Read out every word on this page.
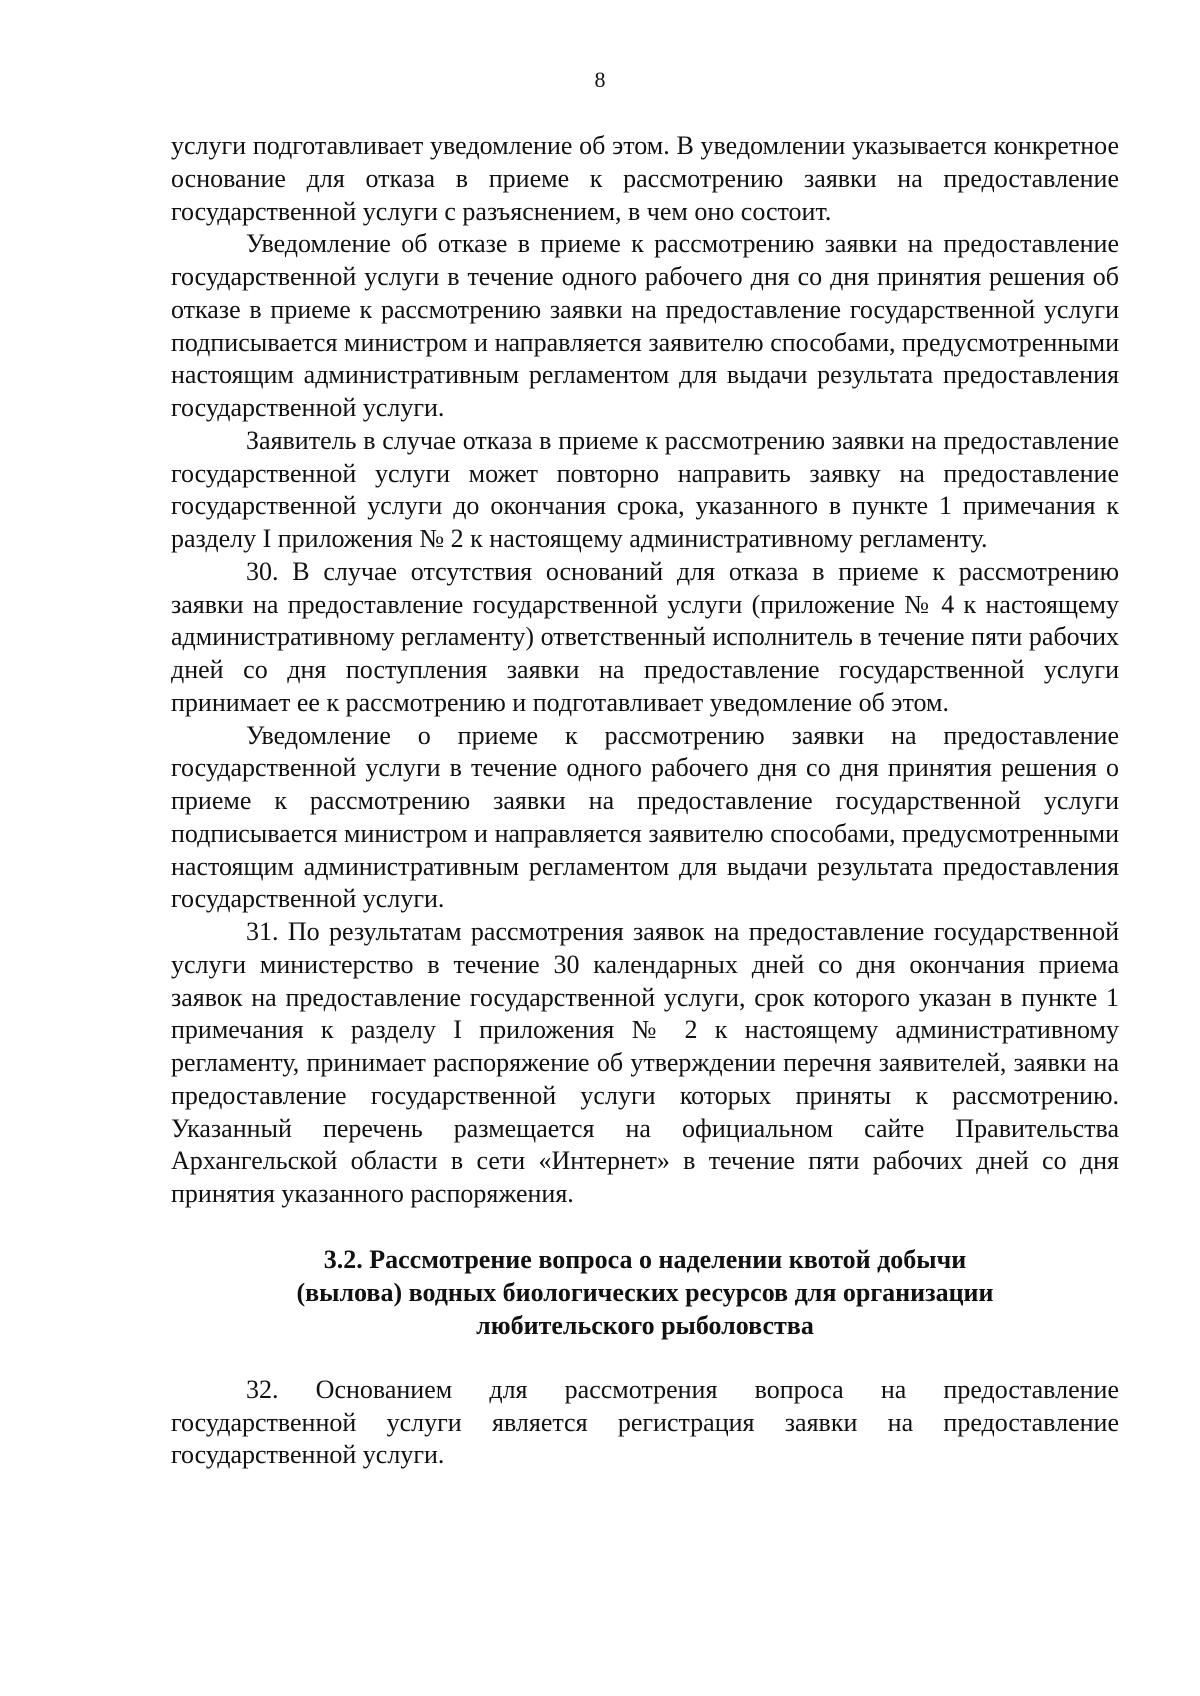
8

услуги подготавливает уведомление об этом. В уведомлении указывается конкретное основание для отказа в приеме к рассмотрению заявки на предоставление государственной услуги с разъяснением, в чем оно состоит.

Уведомление об отказе в приеме к рассмотрению заявки на предоставление государственной услуги в течение одного рабочего дня со дня принятия решения об отказе в приеме к рассмотрению заявки на предоставление государственной услуги подписывается министром и направляется заявителю способами, предусмотренными настоящим административным регламентом для выдачи результата предоставления государственной услуги.

Заявитель в случае отказа в приеме к рассмотрению заявки на предоставление государственной услуги может повторно направить заявку на предоставление государственной услуги до окончания срока, указанного в пункте 1 примечания к разделу I приложения № 2 к настоящему административному регламенту.

30. В случае отсутствия оснований для отказа в приеме к рассмотрению заявки на предоставление государственной услуги (приложение № 4 к настоящему административному регламенту) ответственный исполнитель в течение пяти рабочих дней со дня поступления заявки на предоставление государственной услуги принимает ее к рассмотрению и подготавливает уведомление об этом.

Уведомление о приеме к рассмотрению заявки на предоставление государственной услуги в течение одного рабочего дня со дня принятия решения о приеме к рассмотрению заявки на предоставление государственной услуги подписывается министром и направляется заявителю способами, предусмотренными настоящим административным регламентом для выдачи результата предоставления государственной услуги.

31. По результатам рассмотрения заявок на предоставление государственной услуги министерство в течение 30 календарных дней со дня окончания приема заявок на предоставление государственной услуги, срок которого указан в пункте 1 примечания к разделу I приложения № 2 к настоящему административному регламенту, принимает распоряжение об утверждении перечня заявителей, заявки на предоставление государственной услуги которых приняты к рассмотрению. Указанный перечень размещается на официальном сайте Правительства Архангельской области в сети «Интернет» в течение пяти рабочих дней со дня принятия указанного распоряжения.

3.2. Рассмотрение вопроса о наделении квотой добычи
(вылова) водных биологических ресурсов для организации
любительского рыболовства

32. Основанием для рассмотрения вопроса на предоставление государственной услуги является регистрация заявки на предоставление государственной услуги.
